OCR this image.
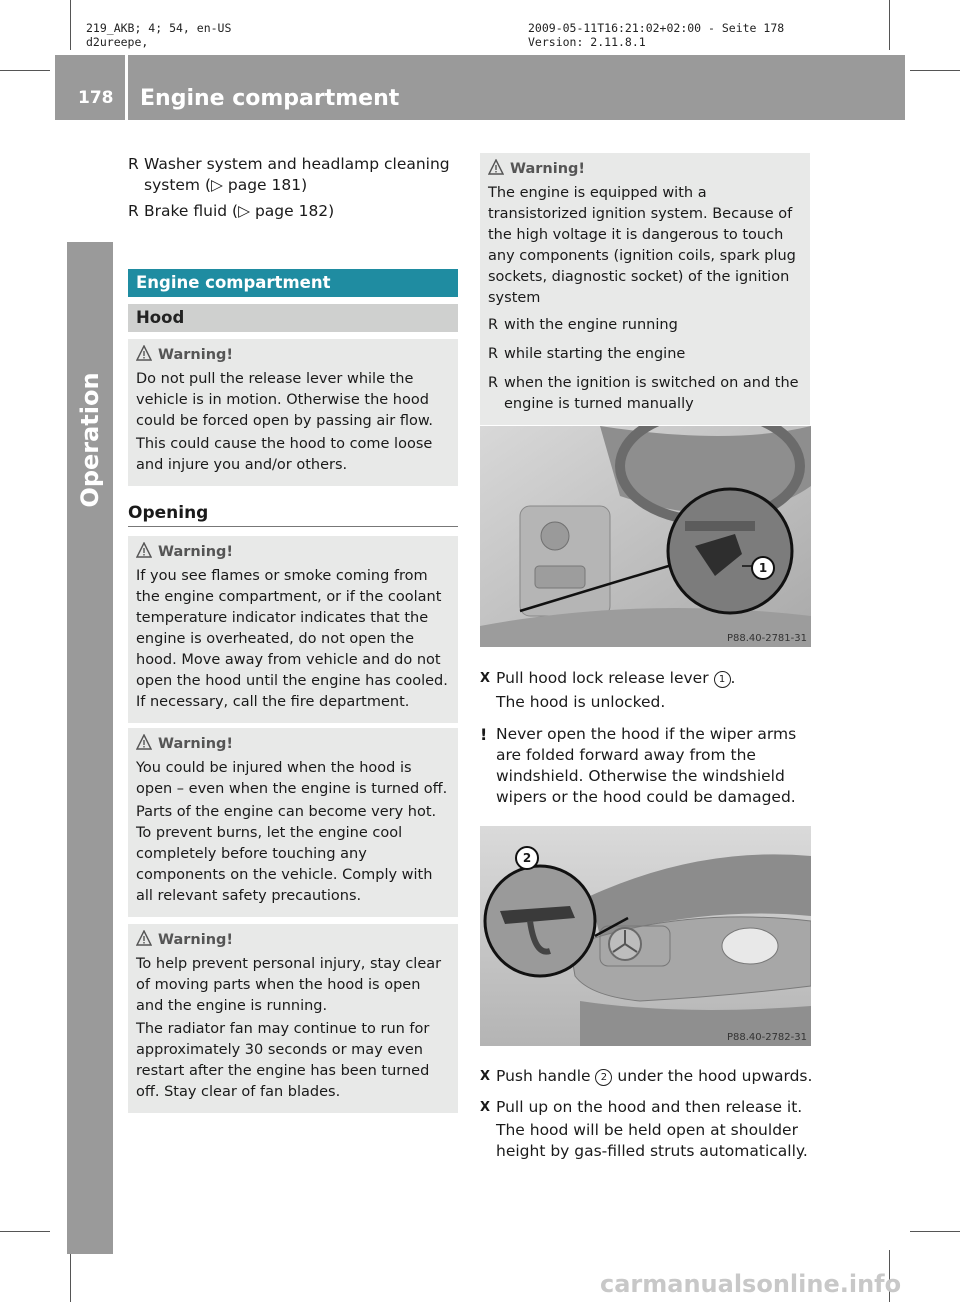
219_AKB; 4; 54, en-US
d2ureepe,
2009-05-11T16:21:02+02:00 - Seite 178
Version: 2.11.8.1
178 Engine compartment
Operation

R Washer system and headlamp cleaning system (▷ page 181)

R Brake fluid (▷ page 182)

Engine compartment
Hood

Warning!

Do not pull the release lever while the vehicle is in motion. Otherwise the hood could be forced open by passing air flow.

This could cause the hood to come loose and injure you and/or others.

Opening

Warning!

If you see flames or smoke coming from the engine compartment, or if the coolant temperature indicator indicates that the engine is overheated, do not open the hood. Move away from vehicle and do not open the hood until the engine has cooled. If necessary, call the fire department.

Warning!

You could be injured when the hood is open – even when the engine is turned off.

Parts of the engine can become very hot. To prevent burns, let the engine cool completely before touching any components on the vehicle. Comply with all relevant safety precautions.

Warning!

To help prevent personal injury, stay clear of moving parts when the hood is open and the engine is running.

The radiator fan may continue to run for approximately 30 seconds or may even restart after the engine has been turned off. Stay clear of fan blades.

Warning!

The engine is equipped with a transistorized ignition system. Because of the high voltage it is dangerous to touch any components (ignition coils, spark plug sockets, diagnostic socket) of the ignition system

R with the engine running

R while starting the engine

R when the ignition is switched on and the engine is turned manually

1
P88.40-2781-31

X Pull hood lock release lever 1 .

The hood is unlocked.

! Never open the hood if the wiper arms are folded forward away from the windshield. Otherwise the windshield wipers or the hood could be damaged.

2
P88.40-2782-31

X Push handle 2 under the hood upwards.

X Pull up on the hood and then release it.

The hood will be held open at shoulder height by gas-filled struts automatically.

carmanualsonline.info
